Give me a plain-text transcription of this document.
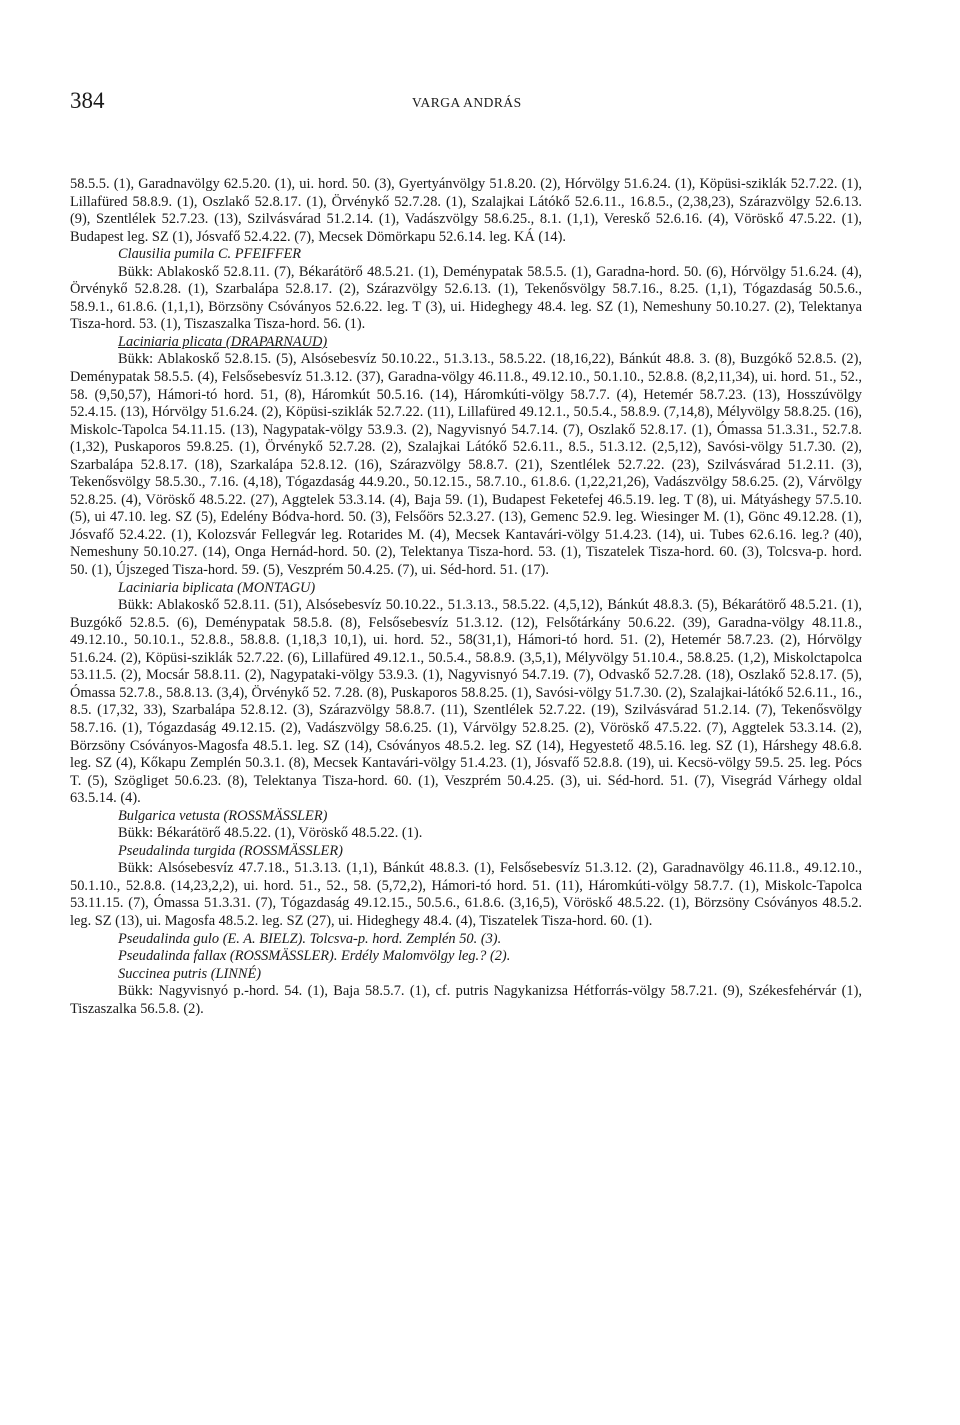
384	VARGA ANDRÁS

58.5.5. (1), Garadnavölgy 62.5.20. (1), ui. hord. 50. (3), Gyertyánvölgy 51.8.20. (2), Hórvölgy 51.6.24. (1), Köpüsi-sziklák 52.7.22. (1), Lillafüred 58.8.9. (1), Oszlakő 52.8.17. (1), Örvénykő 52.7.28. (1), Szalajkai Látókő 52.6.11., 16.8.5., (2,38,23), Szárazvölgy 52.6.13. (9), Szentlélek 52.7.23. (13), Szilvásvárad 51.2.14. (1), Vadászvölgy 58.6.25., 8.1. (1,1), Vereskő 52.6.16. (4), Vöröskő 47.5.22. (1), Budapest leg. SZ (1), Jósvafő 52.4.22. (7), Mecsek Dömörkapu 52.6.14. leg. KÁ (14).

Clausilia pumila C. PFEIFFER

Bükk: Ablakoskő 52.8.11. (7), Békarátörő 48.5.21. (1), Deménypatak 58.5.5. (1), Garadna-hord. 50. (6), Hórvölgy 51.6.24. (4), Örvénykő 52.8.28. (1), Szarbalápa 52.8.17. (2), Szárazvölgy 52.6.13. (1), Tekenősvölgy 58.7.16., 8.25. (1,1), Tógazdaság 50.5.6., 58.9.1., 61.8.6. (1,1,1), Börzsöny Csóványos 52.6.22. leg. T (3), ui. Hideghegy 48.4. leg. SZ (1), Nemeshuny 50.10.27. (2), Telektanya Tisza-hord. 53. (1), Tiszaszalka Tisza-hord. 56. (1).

Laciniaria plicata (DRAPARNAUD)

Bükk: Ablakoskő 52.8.15. (5), Alsósebesvíz 50.10.22., 51.3.13., 58.5.22. (18,16,22), Bánkút 48.8. 3. (8), Buzgókő 52.8.5. (2), Deménypatak 58.5.5. (4), Felsősebesvíz 51.3.12. (37), Garadna-völgy 46.11.8., 49.12.10., 50.1.10., 52.8.8. (8,2,11,34), ui. hord. 51., 52., 58. (9,50,57), Hámori-tó hord. 51, (8), Háromkút 50.5.16. (14), Háromkúti-völgy 58.7.7. (4), Hetemér 58.7.23. (13), Hosszúvölgy 52.4.15. (13), Hórvölgy 51.6.24. (2), Köpüsi-sziklák 52.7.22. (11), Lillafüred 49.12.1., 50.5.4., 58.8.9. (7,14,8), Mélyvölgy 58.8.25. (16), Miskolc-Tapolca 54.11.15. (13), Nagypatak-völgy 53.9.3. (2), Nagyvisnyó 54.7.14. (7), Oszlakő 52.8.17. (1), Ómassa 51.3.31., 52.7.8. (1,32), Puskaporos 59.8.25. (1), Örvénykő 52.7.28. (2), Szalajkai Látókő 52.6.11., 8.5., 51.3.12. (2,5,12), Savósi-völgy 51.7.30. (2), Szarbalápa 52.8.17. (18), Szarkalápa 52.8.12. (16), Szárazvölgy 58.8.7. (21), Szentlélek 52.7.22. (23), Szilvásvárad 51.2.11. (3), Tekenősvölgy 58.5.30., 7.16. (4,18), Tógazdaság 44.9.20., 50.12.15., 58.7.10., 61.8.6. (1,22,21,26), Vadászvölgy 58.6.25. (2), Várvölgy 52.8.25. (4), Vöröskő 48.5.22. (27), Aggtelek 53.3.14. (4), Baja 59. (1), Budapest Feketefej 46.5.19. leg. T (8), ui. Mátyáshegy 57.5.10. (5), ui 47.10. leg. SZ (5), Edelény Bódva-hord. 50. (3), Felsőörs 52.3.27. (13), Gemenc 52.9. leg. Wiesinger M. (1), Gönc 49.12.28. (1), Jósvafő 52.4.22. (1), Kolozsvár Fellegvár leg. Rotarides M. (4), Mecsek Kantavári-völgy 51.4.23. (14), ui. Tubes 62.6.16. leg.? (40), Nemeshuny 50.10.27. (14), Onga Hernád-hord. 50. (2), Telektanya Tisza-hord. 53. (1), Tiszatelek Tisza-hord. 60. (3), Tolcsva-p. hord. 50. (1), Újszeged Tisza-hord. 59. (5), Veszprém 50.4.25. (7), ui. Séd-hord. 51. (17).

Laciniaria biplicata (MONTAGU)

Bükk: Ablakoskő 52.8.11. (51), Alsósebesvíz 50.10.22., 51.3.13., 58.5.22. (4,5,12), Bánkút 48.8.3. (5), Békarátörő 48.5.21. (1), Buzgókő 52.8.5. (6), Deménypatak 58.5.8. (8), Felsősebesvíz 51.3.12. (12), Felsőtárkány 50.6.22. (39), Garadna-völgy 48.11.8., 49.12.10., 50.10.1., 52.8.8., 58.8.8. (1,18,3 10,1), ui. hord. 52., 58(31,1), Hámori-tó hord. 51. (2), Hetemér 58.7.23. (2), Hórvölgy 51.6.24. (2), Köpüsi-sziklák 52.7.22. (6), Lillafüred 49.12.1., 50.5.4., 58.8.9. (3,5,1), Mélyvölgy 51.10.4., 58.8.25. (1,2), Miskolctapolca 53.11.5. (2), Mocsár 58.8.11. (2), Nagypataki-völgy 53.9.3. (1), Nagyvisnyó 54.7.19. (7), Odvaskő 52.7.28. (18), Oszlakő 52.8.17. (5), Ómassa 52.7.8., 58.8.13. (3,4), Örvénykő 52. 7.28. (8), Puskaporos 58.8.25. (1), Savósi-völgy 51.7.30. (2), Szalajkai-látókő 52.6.11., 16., 8.5. (17,32, 33), Szarbalápa 52.8.12. (3), Szárazvölgy 58.8.7. (11), Szentlélek 52.7.22. (19), Szilvásvárad 51.2.14. (7), Tekenősvölgy 58.7.16. (1), Tógazdaság 49.12.15. (2), Vadászvölgy 58.6.25. (1), Várvölgy 52.8.25. (2), Vöröskő 47.5.22. (7), Aggtelek 53.3.14. (2), Börzsöny Csóványos-Magosfa 48.5.1. leg. SZ (14), Csóványos 48.5.2. leg. SZ (14), Hegyestető 48.5.16. leg. SZ (1), Hárshegy 48.6.8. leg. SZ (4), Kőkapu Zemplén 50.3.1. (8), Mecsek Kantavári-völgy 51.4.23. (1), Jósvafő 52.8.8. (19), ui. Kecsö-völgy 59.5. 25. leg. Pócs T. (5), Szögliget 50.6.23. (8), Telektanya Tisza-hord. 60. (1), Veszprém 50.4.25. (3), ui. Séd-hord. 51. (7), Visegrád Várhegy oldal 63.5.14. (4).

Bulgarica vetusta (ROSSMÄSSLER)

Bükk: Békarátörő 48.5.22. (1), Vöröskő 48.5.22. (1).

Pseudalinda turgida (ROSSMÄSSLER)

Bükk: Alsósebesvíz 47.7.18., 51.3.13. (1,1), Bánkút 48.8.3. (1), Felsősebesvíz 51.3.12. (2), Garadnavölgy 46.11.8., 49.12.10., 50.1.10., 52.8.8. (14,23,2,2), ui. hord. 51., 52., 58. (5,72,2), Hámori-tó hord. 51. (11), Háromkúti-völgy 58.7.7. (1), Miskolc-Tapolca 53.11.15. (7), Ómassa 51.3.31. (7), Tógazdaság 49.12.15., 50.5.6., 61.8.6. (3,16,5), Vöröskő 48.5.22. (1), Börzsöny Csóványos 48.5.2. leg. SZ (13), ui. Magosfa 48.5.2. leg. SZ (27), ui. Hideghegy 48.4. (4), Tiszatelek Tisza-hord. 60. (1).

Pseudalinda gulo (E. A. BIELZ). Tolcsva-p. hord. Zemplén 50. (3).

Pseudalinda fallax (ROSSMÄSSLER). Erdély Malomvölgy leg.? (2).

Succinea putris (LINNÉ)

Bükk: Nagyvisnyó p.-hord. 54. (1), Baja 58.5.7. (1), cf. putris Nagykanizsa Hétforrás-völgy 58.7.21. (9), Székesfehérvár (1), Tiszaszalka 56.5.8. (2).
